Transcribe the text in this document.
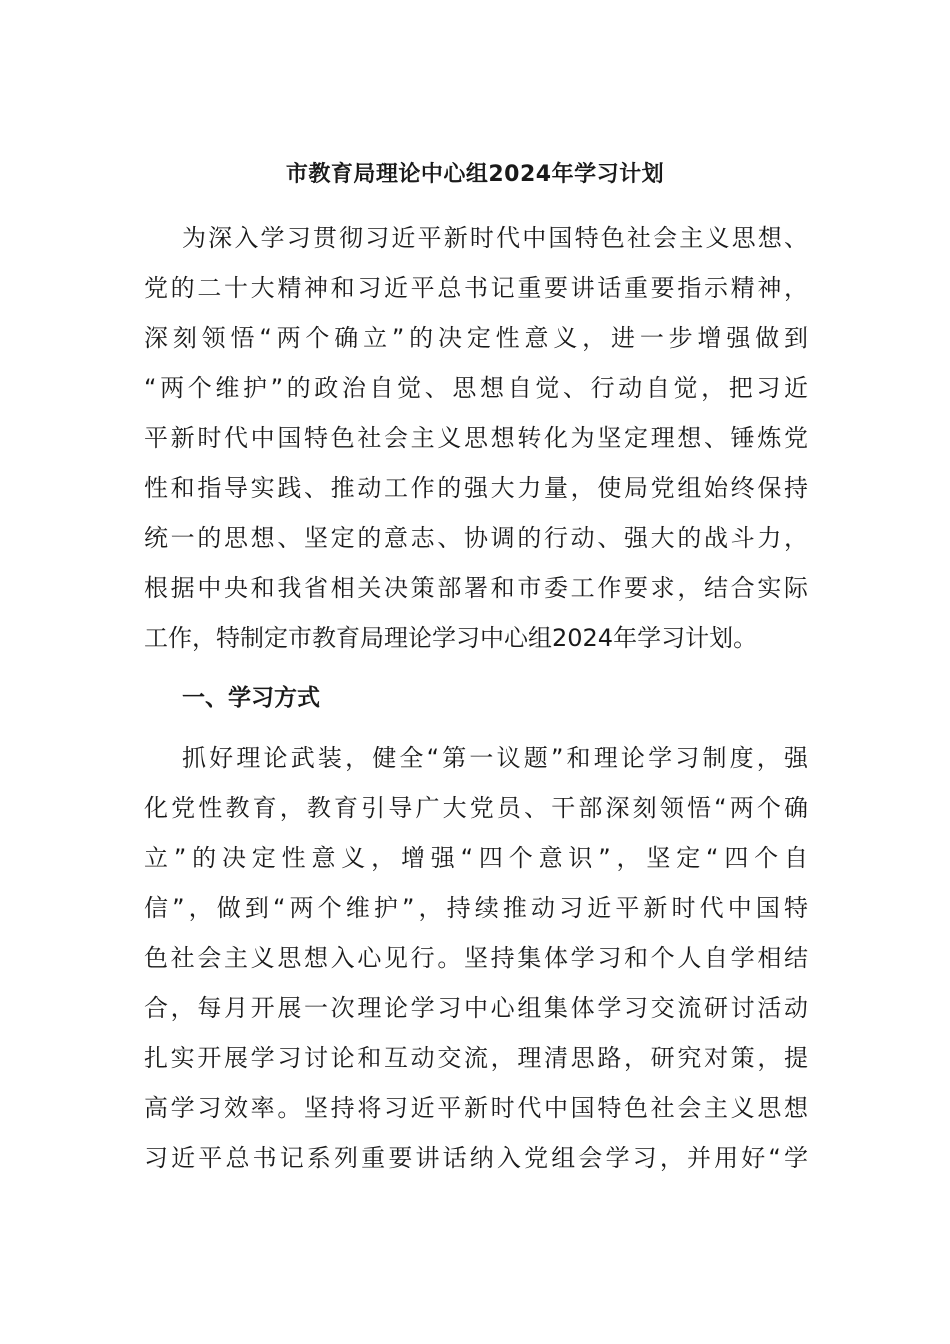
市教育局理论中心组2024年学习计划
为深入学习贯彻习近平新时代中国特色社会主义思想、
党的二十大精神和习近平总书记重要讲话重要指示精神，
深刻领悟“两个确立”的决定性意义，进一步增强做到
“两个维护”的政治自觉、思想自觉、行动自觉，把习近
平新时代中国特色社会主义思想转化为坚定理想、锤炼党
性和指导实践、推动工作的强大力量，使局党组始终保持
统一的思想、坚定的意志、协调的行动、强大的战斗力，
根据中央和我省相关决策部署和市委工作要求，结合实际
工作，特制定市教育局理论学习中心组2024年学习计划。
一、学习方式
抓好理论武装，健全“第一议题”和理论学习制度，强
化党性教育，教育引导广大党员、干部深刻领悟“两个确
立”的决定性意义，增强“四个意识”，坚定“四个自
信”，做到“两个维护”，持续推动习近平新时代中国特
色社会主义思想入心见行。坚持集体学习和个人自学相结
合，每月开展一次理论学习中心组集体学习交流研讨活动
扎实开展学习讨论和互动交流，理清思路，研究对策，提
高学习效率。坚持将习近平新时代中国特色社会主义思想
习近平总书记系列重要讲话纳入党组会学习，并用好“学
